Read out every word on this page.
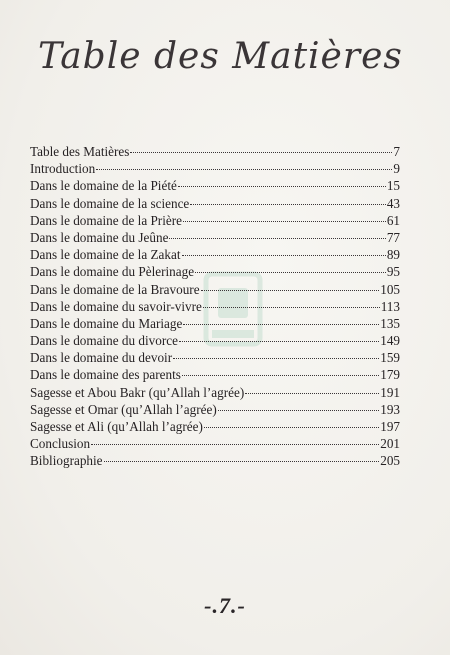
Table des Matières
Table des Matières	7
Introduction	9
Dans le domaine de la Piété	15
Dans le domaine de la science	43
Dans le domaine de la Prière	61
Dans le domaine du Jeûne	77
Dans le domaine de la Zakat	89
Dans le domaine du Pèlerinage	95
Dans le domaine de la Bravoure	105
Dans le domaine du savoir-vivre	113
Dans le domaine du Mariage	135
Dans le domaine du divorce	149
Dans le domaine du devoir	159
Dans le domaine des parents	179
Sagesse et Abou Bakr (qu’Allah l’agrée)	191
Sagesse et Omar (qu’Allah l’agrée)	193
Sagesse et Ali (qu’Allah l’agrée)	197
Conclusion	201
Bibliographie	205
-.7.-
